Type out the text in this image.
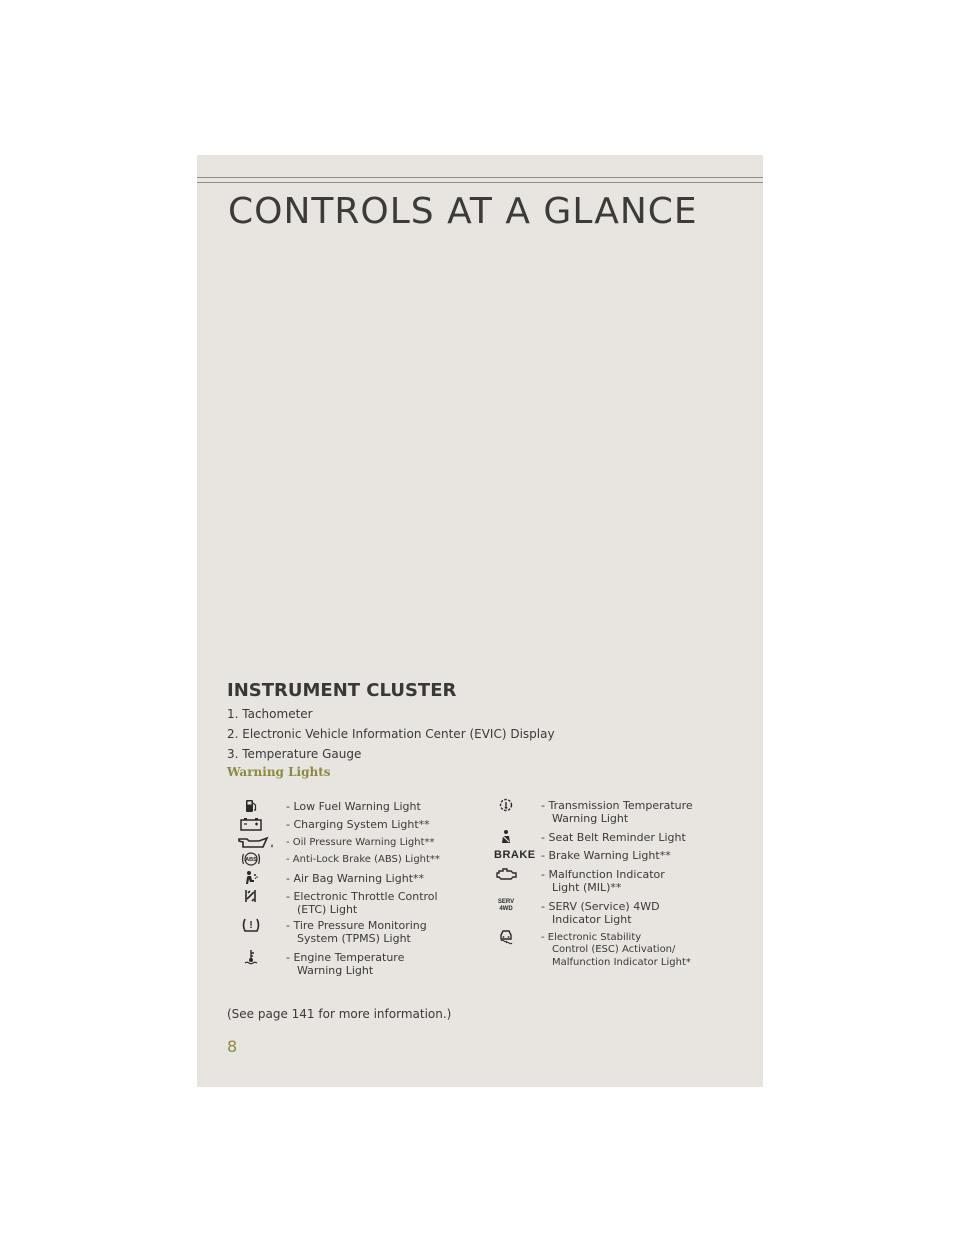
CONTROLS AT A GLANCE
INSTRUMENT CLUSTER
1. Tachometer
2. Electronic Vehicle Information Center (EVIC) Display
3. Temperature Gauge
Warning Lights
- Low Fuel Warning Light
- Charging System Light**
- Oil Pressure Warning Light**
ABS	- Anti-Lock Brake (ABS) Light**
- Air Bag Warning Light**
- Electronic Throttle Control
(ETC) Light
!	- Tire Pressure Monitoring
System (TPMS) Light
- Engine Temperature
Warning Light
- Transmission Temperature
Warning Light
- Seat Belt Reminder Light
BRAKE - Brake Warning Light**
- Malfunction Indicator
Light (MIL)**
SERV
4WD	- SERV (Service) 4WD
Indicator Light
- Electronic Stability
Control (ESC) Activation/
Malfunction Indicator Light*

(See page 141 for more information.)

8
